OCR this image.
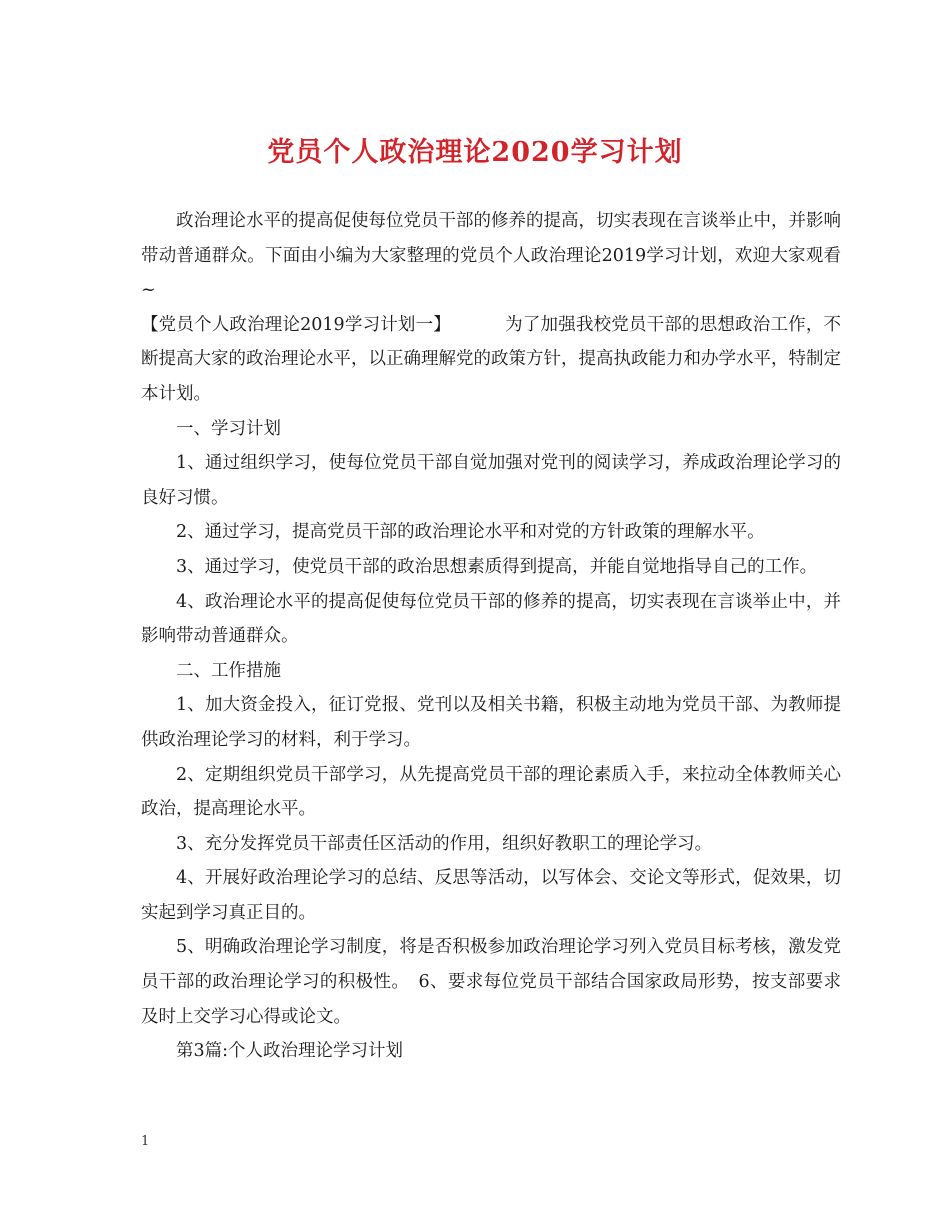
党员个人政治理论2020学习计划

政治理论水平的提高促使每位党员干部的修养的提高，切实表现在言谈举止中，并影响带动普通群众。下面由小编为大家整理的党员个人政治理论2019学习计划，欢迎大家观看~

【党员个人政治理论2019学习计划一】	为了加强我校党员干部的思想政治工作，不断提高大家的政治理论水平，以正确理解党的政策方针，提高执政能力和办学水平，特制定本计划。

一、学习计划

1、通过组织学习，使每位党员干部自觉加强对党刊的阅读学习，养成政治理论学习的良好习惯。

2、通过学习，提高党员干部的政治理论水平和对党的方针政策的理解水平。

3、通过学习，使党员干部的政治思想素质得到提高，并能自觉地指导自己的工作。

4、政治理论水平的提高促使每位党员干部的修养的提高，切实表现在言谈举止中，并影响带动普通群众。

二、工作措施

1、加大资金投入，征订党报、党刊以及相关书籍，积极主动地为党员干部、为教师提供政治理论学习的材料，利于学习。

2、定期组织党员干部学习，从先提高党员干部的理论素质入手，来拉动全体教师关心政治，提高理论水平。

3、充分发挥党员干部责任区活动的作用，组织好教职工的理论学习。

4、开展好政治理论学习的总结、反思等活动，以写体会、交论文等形式，促效果，切实起到学习真正目的。

5、明确政治理论学习制度，将是否积极参加政治理论学习列入党员目标考核，激发党员干部的政治理论学习的积极性。　6、要求每位党员干部结合国家政局形势，按支部要求及时上交学习心得或论文。

第3篇:个人政治理论学习计划

1
